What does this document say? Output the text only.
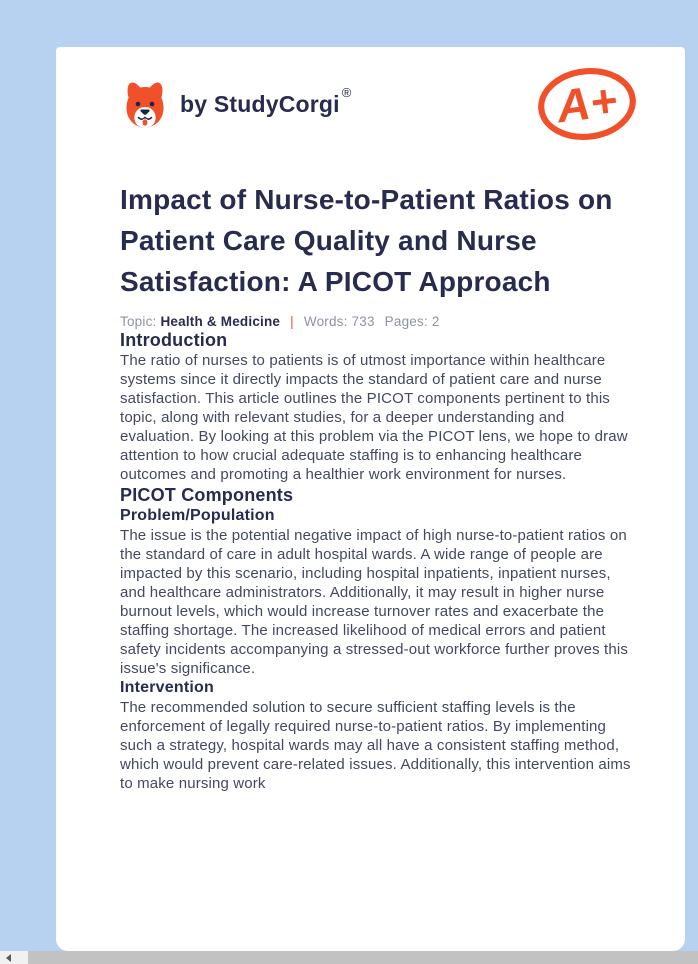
by StudyCorgi ®	A+
Impact of Nurse-to-Patient Ratios on Patient Care Quality and Nurse Satisfaction: A PICOT Approach
Topic: Health & Medicine | Words: 733 Pages: 2
Introduction

The ratio of nurses to patients is of utmost importance within healthcare systems since it directly impacts the standard of patient care and nurse satisfaction. This article outlines the PICOT components pertinent to this topic, along with relevant studies, for a deeper understanding and evaluation. By looking at this problem via the PICOT lens, we hope to draw attention to how crucial adequate staffing is to enhancing healthcare outcomes and promoting a healthier work environment for nurses.

PICOT Components
Problem/Population

The issue is the potential negative impact of high nurse-to-patient ratios on the standard of care in adult hospital wards. A wide range of people are impacted by this scenario, including hospital inpatients, inpatient nurses, and healthcare administrators. Additionally, it may result in higher nurse burnout levels, which would increase turnover rates and exacerbate the staffing shortage. The increased likelihood of medical errors and patient safety incidents accompanying a stressed-out workforce further proves this issue's significance.

Intervention

The recommended solution to secure sufficient staffing levels is the enforcement of legally required nurse-to-patient ratios. By implementing such a strategy, hospital wards may all have a consistent staffing method, which would prevent care-related issues. Additionally, this intervention aims to make nursing work
